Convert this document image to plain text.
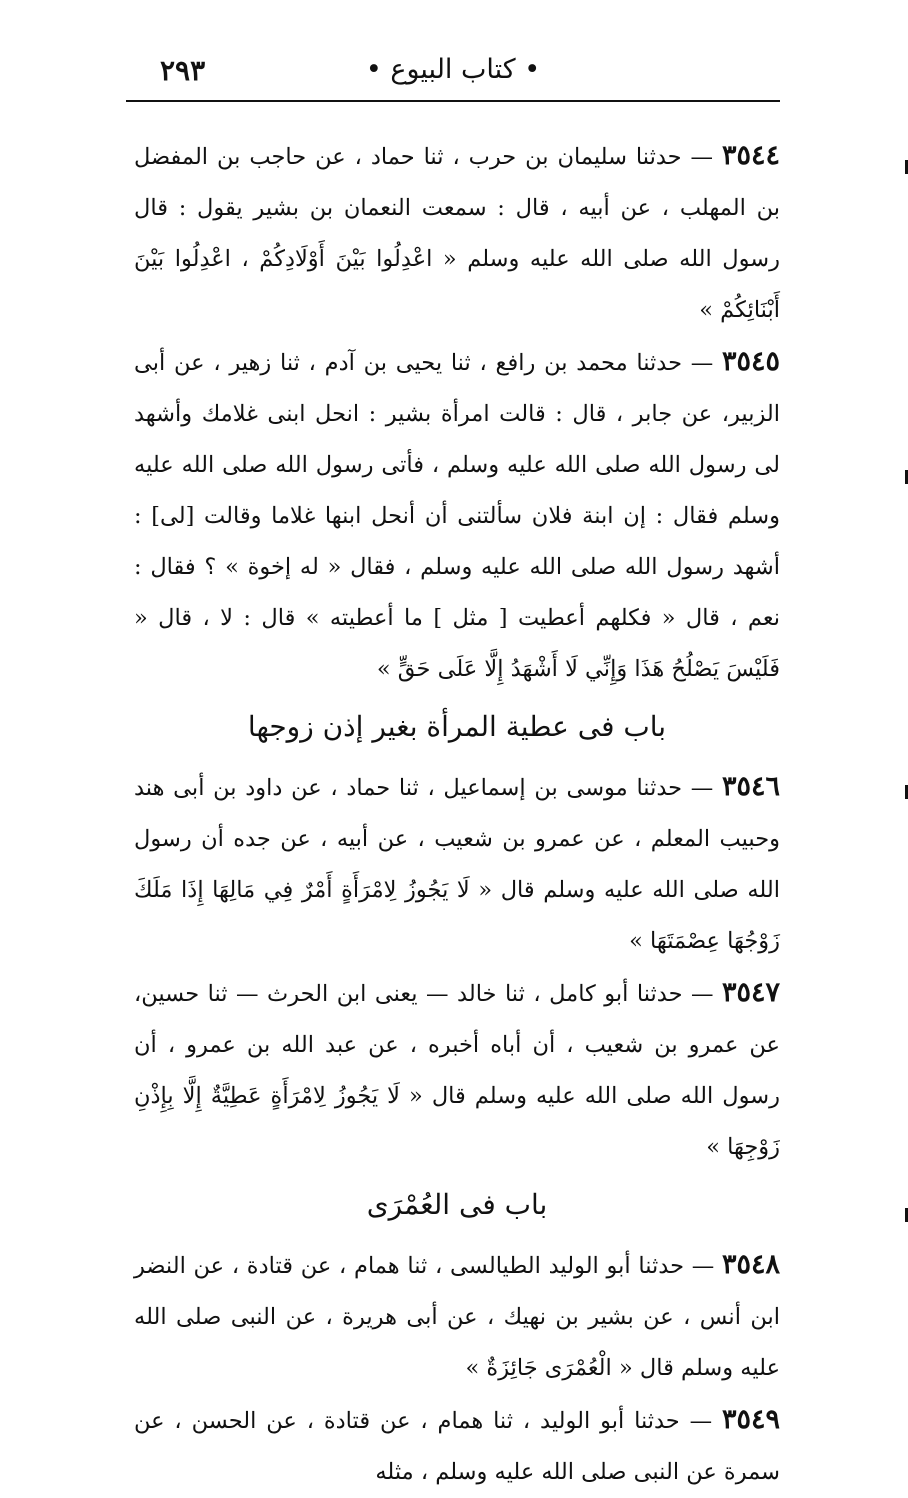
• كتاب البيوع •
٢٩٣

٣٥٤٤ — حدثنا سليمان بن حرب ، ثنا حماد ، عن حاجب بن المفضل بن المهلب ، عن أبيه ، قال : سمعت النعمان بن بشير يقول : قال رسول الله صلى الله عليه وسلم « اعْدِلُوا بَيْنَ أَوْلَادِكُمْ ، اعْدِلُوا بَيْنَ أَبْنَائِكُمْ »

٣٥٤٥ — حدثنا محمد بن رافع ، ثنا يحيى بن آدم ، ثنا زهير ، عن أبى الزبير، عن جابر ، قال : قالت امرأة بشير : انحل ابنى غلامك وأشهد لى رسول الله صلى الله عليه وسلم ، فأتى رسول الله صلى الله عليه وسلم فقال : إن ابنة فلان سألتنى أن أنحل ابنها غلاما وقالت [لى] : أشهد رسول الله صلى الله عليه وسلم ، فقال « له إخوة » ؟ فقال : نعم ، قال « فكلهم أعطيت [ مثل ] ما أعطيته » قال : لا ، قال « فَلَيْسَ يَصْلُحُ هَذَا وَإِنِّي لَا أَشْهَدُ إِلَّا عَلَى حَقٍّ »

باب فى عطية المرأة بغير إذن زوجها

٣٥٤٦ — حدثنا موسى بن إسماعيل ، ثنا حماد ، عن داود بن أبى هند وحبيب المعلم ، عن عمرو بن شعيب ، عن أبيه ، عن جده أن رسول الله صلى الله عليه وسلم قال « لَا يَجُوزُ لِامْرَأَةٍ أَمْرٌ فِي مَالِهَا إِذَا مَلَكَ زَوْجُهَا عِصْمَتَهَا »

٣٥٤٧ — حدثنا أبو كامل ، ثنا خالد — يعنى ابن الحرث — ثنا حسين، عن عمرو بن شعيب ، أن أباه أخبره ، عن عبد الله بن عمرو ، أن رسول الله صلى الله عليه وسلم قال « لَا يَجُوزُ لِامْرَأَةٍ عَطِيَّةٌ إِلَّا بِإِذْنِ زَوْجِهَا »

باب فى العُمْرَى

٣٥٤٨ — حدثنا أبو الوليد الطيالسى ، ثنا همام ، عن قتادة ، عن النضر ابن أنس ، عن بشير بن نهيك ، عن أبى هريرة ، عن النبى صلى الله عليه وسلم قال « الْعُمْرَى جَائِزَةٌ »

٣٥٤٩ — حدثنا أبو الوليد ، ثنا همام ، عن قتادة ، عن الحسن ، عن سمرة عن النبى صلى الله عليه وسلم ، مثله
